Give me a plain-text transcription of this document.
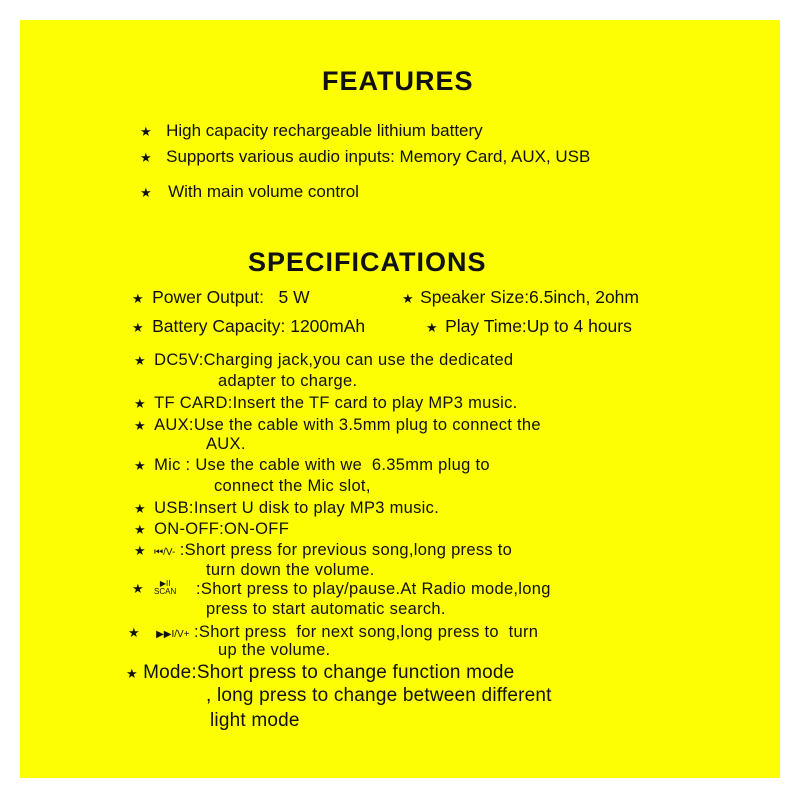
FEATURES
★ High capacity rechargeable lithium battery
★ Supports various audio inputs: Memory Card, AUX, USB
★ With main volume control
SPECIFICATIONS
★ Power Output:   5 W	★ Speaker Size:6.5inch, 2ohm
★ Battery Capacity: 1200mAh	★ Play Time:Up to 4 hours
★ DC5V:Charging jack,you can use the dedicated
adapter to charge.
★ TF CARD:Insert the TF card to play MP3 music.
★ AUX:Use the cable with 3.5mm plug to connect the
AUX.
★ Mic : Use the cable with we  6.35mm plug to
connect the Mic slot,
★ USB:Insert U disk to play MP3 music.
★ ON-OFF:ON-OFF
★ ⏮/V- :Short press for previous song,long press to
turn down the volume.
★	▶II
SCAN :Short press to play/pause.At Radio mode,long
press to start automatic search.
★ ▶▶I/V+ :Short press  for next song,long press to  turn
up the volume.
★ Mode:Short press to change function mode
, long press to change between different
light mode
